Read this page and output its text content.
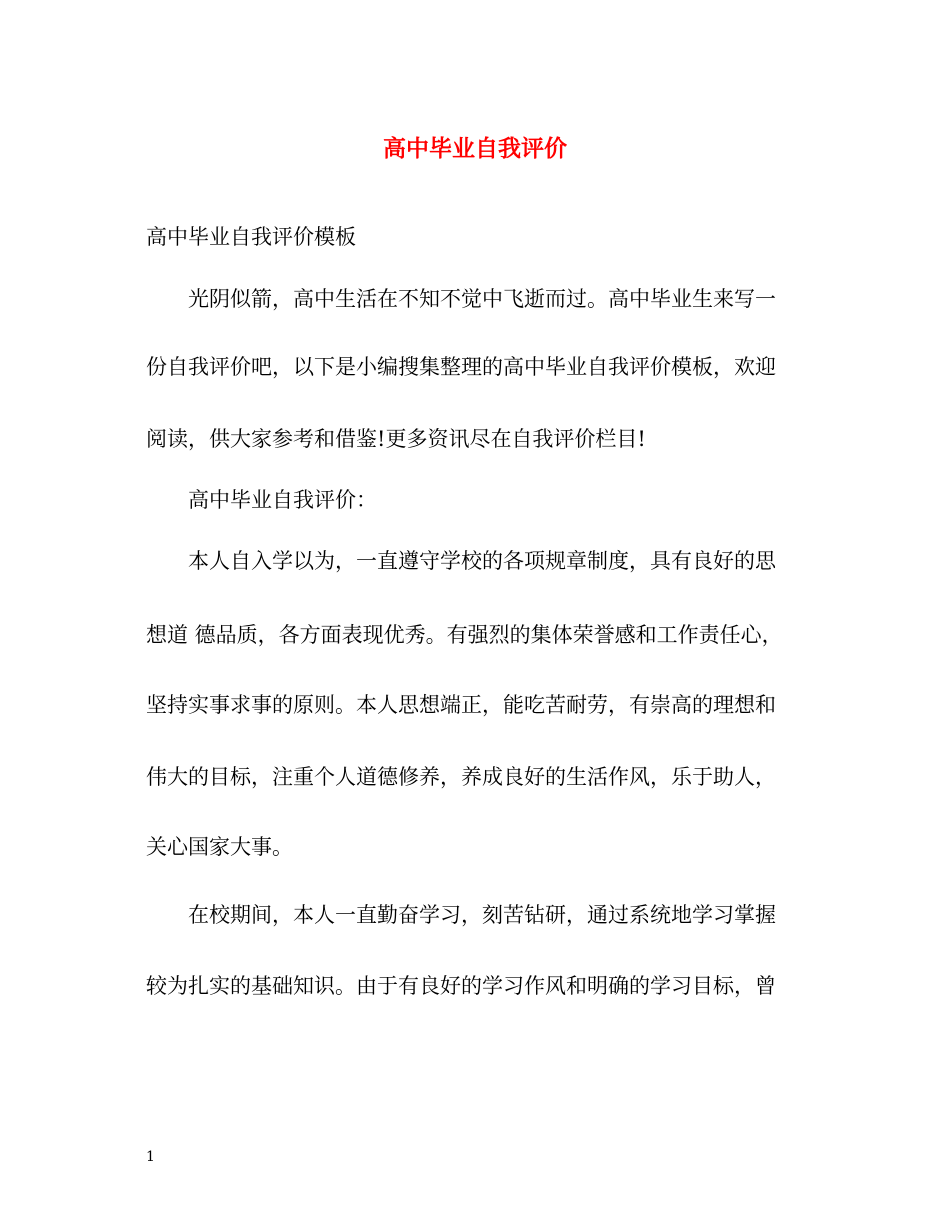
高中毕业自我评价
高中毕业自我评价模板
光阴似箭，高中生活在不知不觉中飞逝而过。高中毕业生来写一
份自我评价吧，以下是小编搜集整理的高中毕业自我评价模板，欢迎
阅读，供大家参考和借鉴!更多资讯尽在自我评价栏目!
高中毕业自我评价：
本人自入学以为，一直遵守学校的各项规章制度，具有良好的思
想道 德品质，各方面表现优秀。有强烈的集体荣誉感和工作责任心，
坚持实事求事的原则。本人思想端正，能吃苦耐劳，有崇高的理想和
伟大的目标，注重个人道德修养，养成良好的生活作风，乐于助人，
关心国家大事。
在校期间，本人一直勤奋学习，刻苦钻研，通过系统地学习掌握
较为扎实的基础知识。由于有良好的学习作风和明确的学习目标，曾
1
